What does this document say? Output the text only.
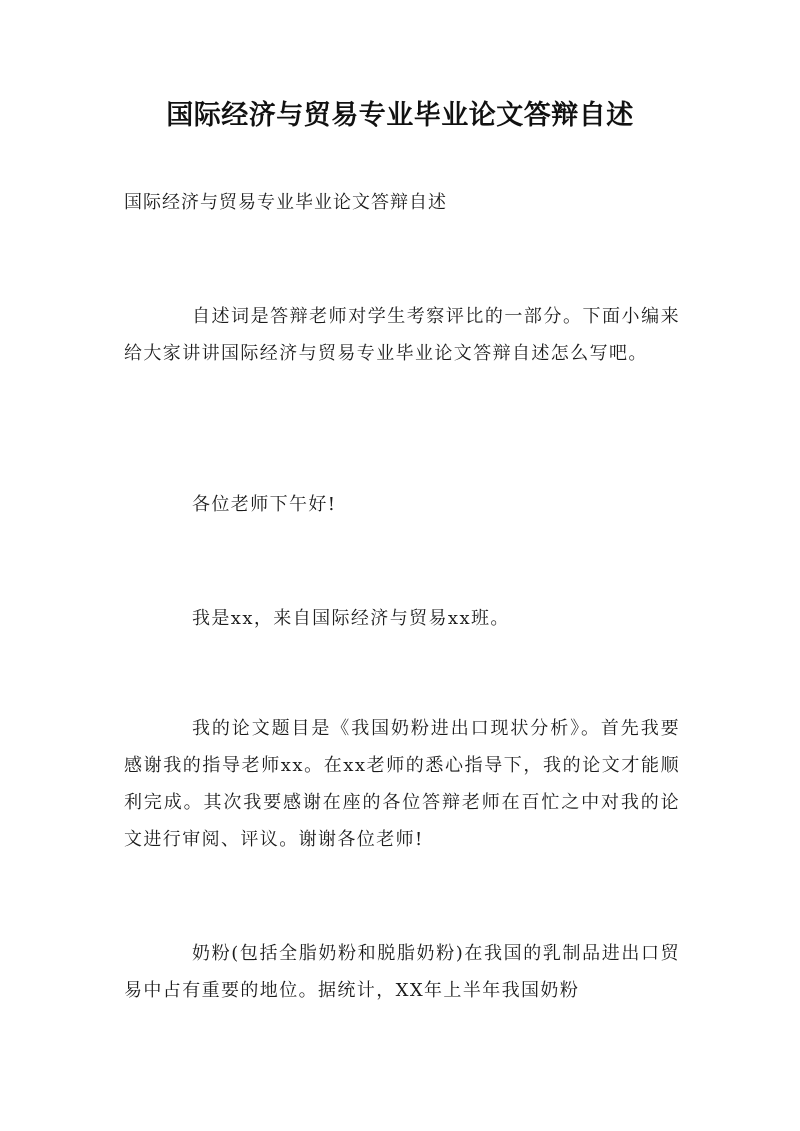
国际经济与贸易专业毕业论文答辩自述

国际经济与贸易专业毕业论文答辩自述

自述词是答辩老师对学生考察评比的一部分。下面小编来给大家讲讲国际经济与贸易专业毕业论文答辩自述怎么写吧。

各位老师下午好!

我是xx，来自国际经济与贸易xx班。

我的论文题目是《我国奶粉进出口现状分析》。首先我要感谢我的指导老师xx。在xx老师的悉心指导下，我的论文才能顺利完成。其次我要感谢在座的各位答辩老师在百忙之中对我的论文进行审阅、评议。谢谢各位老师!

奶粉(包括全脂奶粉和脱脂奶粉)在我国的乳制品进出口贸易中占有重要的地位。据统计，XX年上半年我国奶粉
